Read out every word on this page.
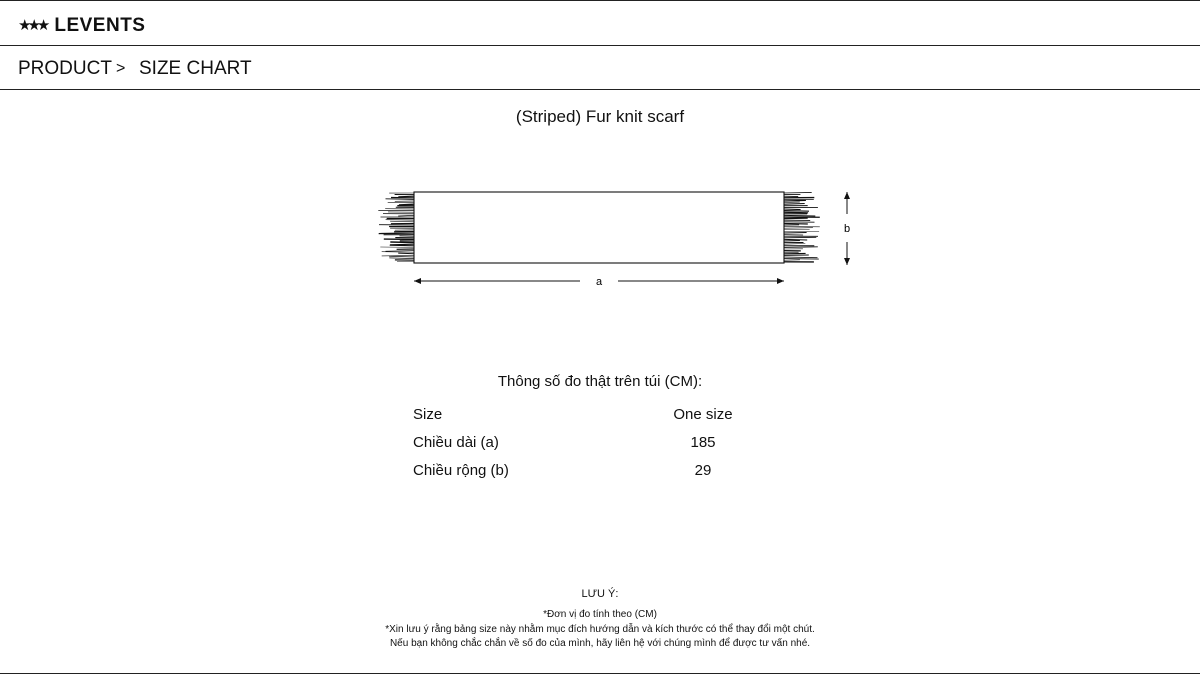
★★★ LEVENTS
PRODUCT > SIZE CHART
(Striped) Fur knit scarf
a
b
Thông số đo thật trên túi (CM):
Size	One size
Chiều dài (a)	185
Chiều rộng (b)	29
LƯU Ý:
*Đơn vị đo tính theo (CM)
*Xin lưu ý rằng bảng size này nhằm mục đích hướng dẫn và kích thước có thể thay đổi một chút.
Nếu bạn không chắc chắn về số đo của mình, hãy liên hệ với chúng mình để được tư vấn nhé.
